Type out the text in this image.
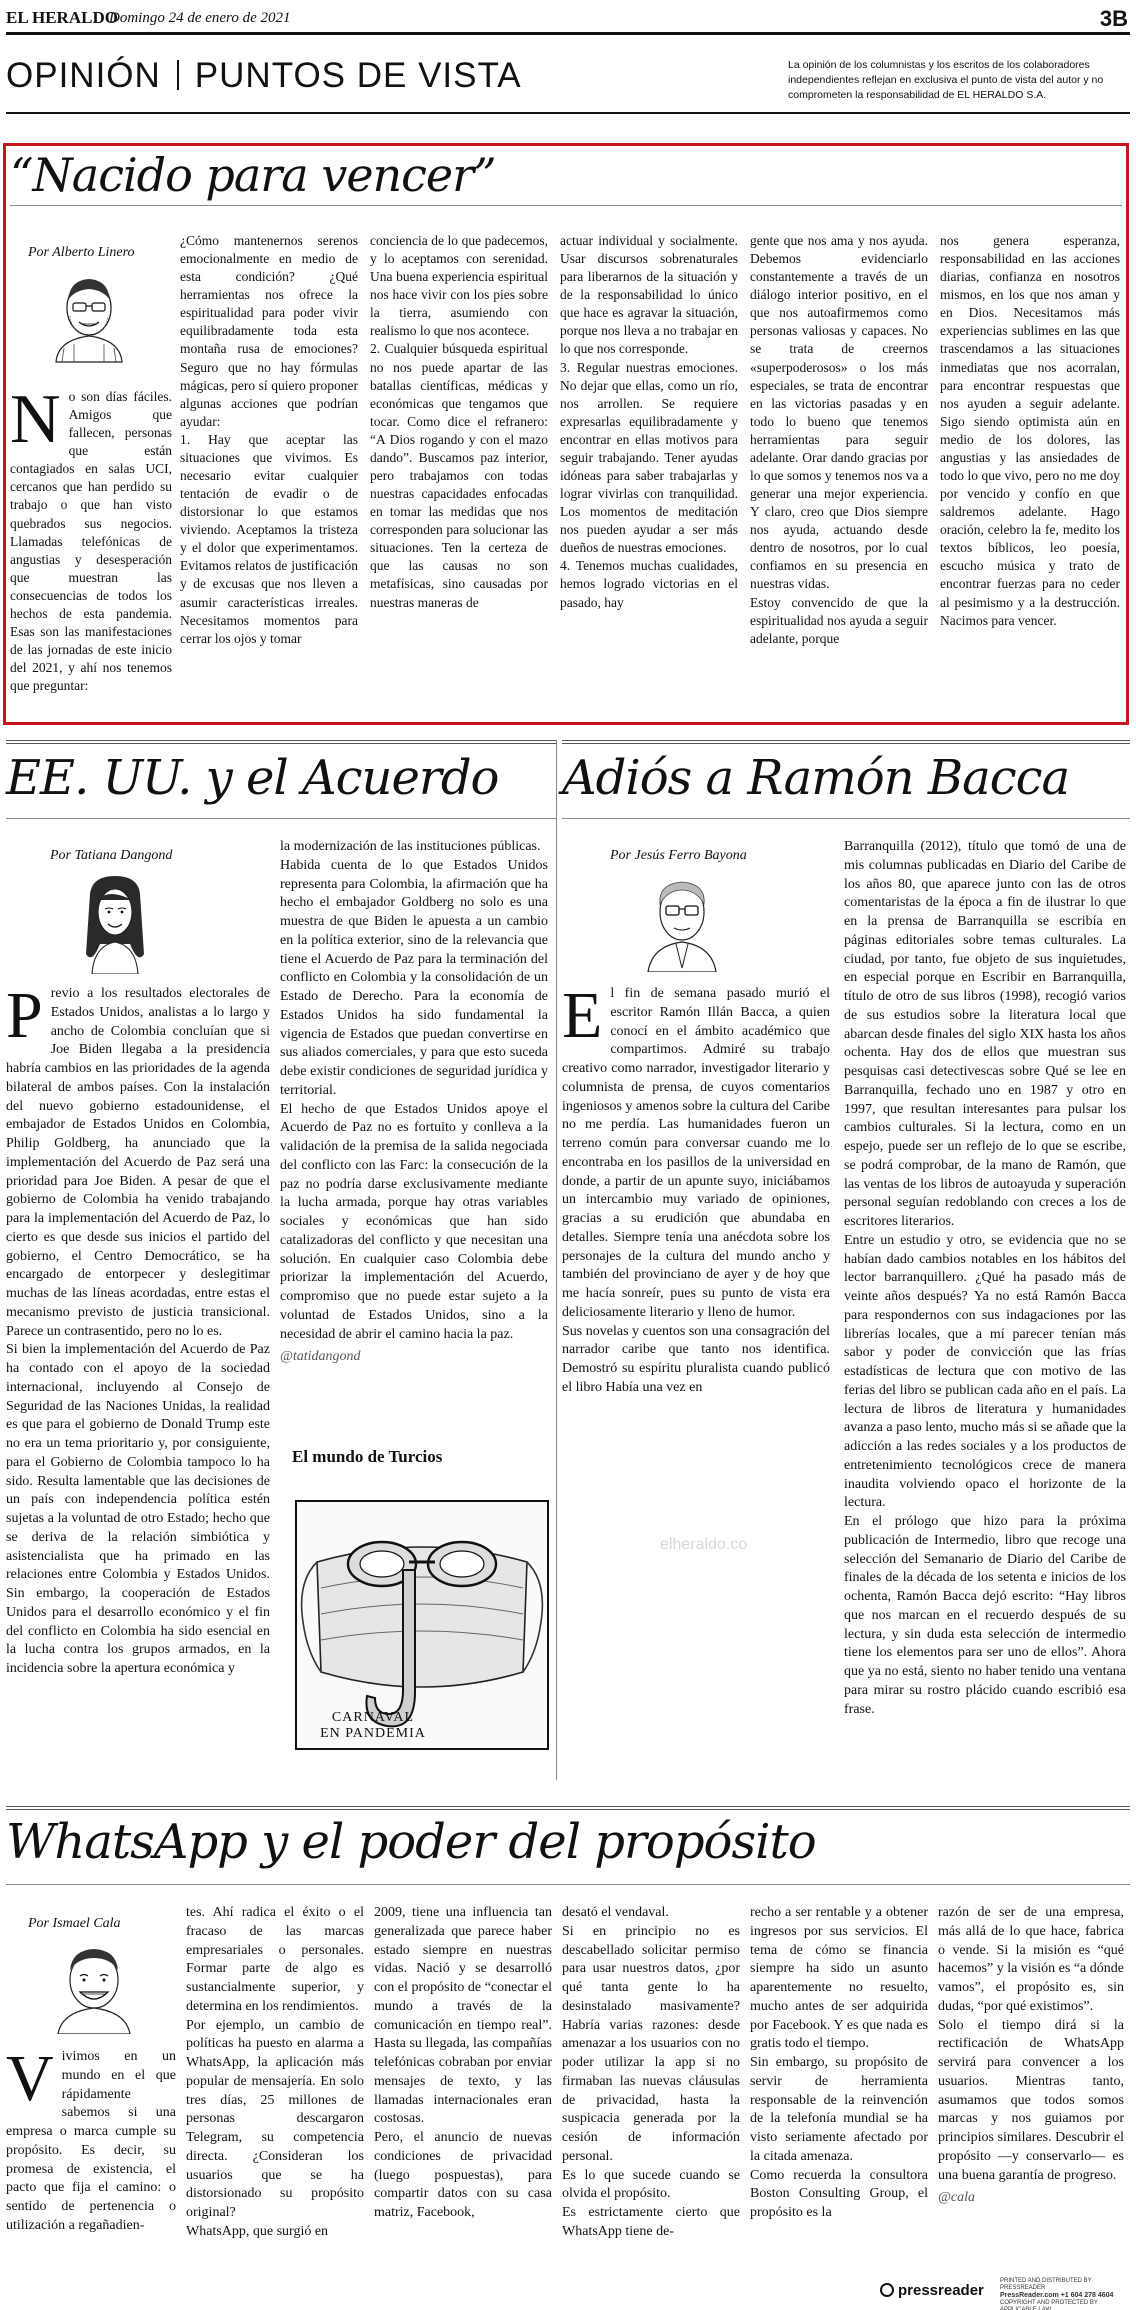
EL HERALDO
Domingo 24 de enero de 2021	3B
OPINIÓN PUNTOS DE VISTA	La opinión de los columnistas y los escritos de los colaboradores independientes reflejan en exclusiva el punto de vista del autor y no comprometen la responsabilidad de EL HERALDO S.A.
“Nacido para vencer”
Por Alberto Linero
N o son días fáciles. Amigos que fallecen, personas que están contagiados en salas UCI, cercanos que han perdido su trabajo o que han visto quebrados sus negocios. Llamadas telefónicas de angustias y desesperación que muestran las consecuencias de todos los hechos de esta pandemia. Esas son las manifestaciones de las jornadas de este inicio del 2021, y ahí nos tenemos que preguntar:
¿Cómo mantenernos serenos emocionalmente en medio de esta condición? ¿Qué herramientas nos ofrece la espiritualidad para poder vivir equilibradamente toda esta montaña rusa de emociones? Seguro que no hay fórmulas mágicas, pero sí quiero proponer algunas acciones que podrían ayudar:
1. Hay que aceptar las situaciones que vivimos. Es necesario evitar cualquier tentación de evadir o de distorsionar lo que estamos viviendo. Aceptamos la tristeza y el dolor que experimentamos. Evitamos relatos de justificación y de excusas que nos lleven a asumir características irreales. Necesitamos momentos para cerrar los ojos y tomar
conciencia de lo que padecemos, y lo aceptamos con serenidad. Una buena experiencia espiritual nos hace vivir con los pies sobre la tierra, asumiendo con realismo lo que nos acontece.
2. Cualquier búsqueda espiritual no nos puede apartar de las batallas científicas, médicas y económicas que tengamos que tocar. Como dice el refranero: “A Dios rogando y con el mazo dando”. Buscamos paz interior, pero trabajamos con todas nuestras capacidades enfocadas en tomar las medidas que nos corresponden para solucionar las situaciones. Ten la certeza de que las causas no son metafísicas, sino causadas por nuestras maneras de
actuar individual y socialmente. Usar discursos sobrenaturales para liberarnos de la situación y de la responsabilidad lo único que hace es agravar la situación, porque nos lleva a no trabajar en lo que nos corresponde.
3. Regular nuestras emociones. No dejar que ellas, como un río, nos arrollen. Se requiere expresarlas equilibradamente y encontrar en ellas motivos para seguir trabajando. Tener ayudas idóneas para saber trabajarlas y lograr vivirlas con tranquilidad. Los momentos de meditación nos pueden ayudar a ser más dueños de nuestras emociones.
4. Tenemos muchas cualidades, hemos logrado victorias en el pasado, hay
gente que nos ama y nos ayuda. Debemos evidenciarlo constantemente a través de un diálogo interior positivo, en el que nos autoafirmemos como personas valiosas y capaces. No se trata de creernos «superpoderosos» o los más especiales, se trata de encontrar en las victorias pasadas y en todo lo bueno que tenemos herramientas para seguir adelante. Orar dando gracias por lo que somos y tenemos nos va a generar una mejor experiencia. Y claro, creo que Dios siempre nos ayuda, actuando desde dentro de nosotros, por lo cual confiamos en su presencia en nuestras vidas.
Estoy convencido de que la espiritualidad nos ayuda a seguir adelante, porque
nos genera esperanza, responsabilidad en las acciones diarias, confianza en nosotros mismos, en los que nos aman y en Dios. Necesitamos más experiencias sublimes en las que trascendamos a las situaciones inmediatas que nos acorralan, para encontrar respuestas que nos ayuden a seguir adelante. Sigo siendo optimista aún en medio de los dolores, las angustias y las ansiedades de todo lo que vivo, pero no me doy por vencido y confío en que saldremos adelante. Hago oración, celebro la fe, medito los textos bíblicos, leo poesía, escucho música y trato de encontrar fuerzas para no ceder al pesimismo y a la destrucción. Nacimos para vencer.
EE. UU. y el Acuerdo
Por Tatiana Dangond
Previo a los resultados electorales de Estados Unidos, analistas a lo largo y ancho de Colombia concluían que si Joe Biden llegaba a la presidencia habría cambios en las prioridades de la agenda bilateral de ambos países. Con la instalación del nuevo gobierno estadounidense, el embajador de Estados Unidos en Colombia, Philip Goldberg, ha anunciado que la implementación del Acuerdo de Paz será una prioridad para Joe Biden. A pesar de que el gobierno de Colombia ha venido trabajando para la implementación del Acuerdo de Paz, lo cierto es que desde sus inicios el partido del gobierno, el Centro Democrático, se ha encargado de entorpecer y deslegitimar muchas de las líneas acordadas, entre estas el mecanismo previsto de justicia transicional. Parece un contrasentido, pero no lo es.
Si bien la implementación del Acuerdo de Paz ha contado con el apoyo de la sociedad internacional, incluyendo al Consejo de Seguridad de las Naciones Unidas, la realidad es que para el gobierno de Donald Trump este no era un tema prioritario y, por consiguiente, para el Gobierno de Colombia tampoco lo ha sido. Resulta lamentable que las decisiones de un país con independencia política estén sujetas a la voluntad de otro Estado; hecho que se deriva de la relación simbiótica y asistencialista que ha primado en las relaciones entre Colombia y Estados Unidos. Sin embargo, la cooperación de Estados Unidos para el desarrollo económico y el fin del conflicto en Colombia ha sido esencial en la lucha contra los grupos armados, en la incidencia sobre la apertura económica y
la modernización de las instituciones públicas.
Habida cuenta de lo que Estados Unidos representa para Colombia, la afirmación que ha hecho el embajador Goldberg no solo es una muestra de que Biden le apuesta a un cambio en la política exterior, sino de la relevancia que tiene el Acuerdo de Paz para la terminación del conflicto en Colombia y la consolidación de un Estado de Derecho. Para la economía de Estados Unidos ha sido fundamental la vigencia de Estados que puedan convertirse en sus aliados comerciales, y para que esto suceda debe existir condiciones de seguridad jurídica y territorial.
El hecho de que Estados Unidos apoye el Acuerdo de Paz no es fortuito y conlleva a la validación de la premisa de la salida negociada del conflicto con las Farc: la consecución de la paz no podría darse exclusivamente mediante la lucha armada, porque hay otras variables sociales y económicas que han sido catalizadoras del conflicto y que necesitan una solución. En cualquier caso Colombia debe priorizar la implementación del Acuerdo, compromiso que no puede estar sujeto a la voluntad de Estados Unidos, sino a la necesidad de abrir el camino hacia la paz.
@tatidangond
El mundo de Turcios
CARNAVAL
EN PANDEMIA
elheraldo.co
Adiós a Ramón Bacca
Por Jesús Ferro Bayona
El fin de semana pasado murió el escritor Ramón Illán Bacca, a quien conocí en el ámbito académico que compartimos. Admiré su trabajo creativo como narrador, investigador literario y columnista de prensa, de cuyos comentarios ingeniosos y amenos sobre la cultura del Caribe no me perdía. Las humanidades fueron un terreno común para conversar cuando me lo encontraba en los pasillos de la universidad en donde, a partir de un apunte suyo, iniciábamos un intercambio muy variado de opiniones, gracias a su erudición que abundaba en detalles. Siempre tenía una anécdota sobre los personajes de la cultura del mundo ancho y también del provinciano de ayer y de hoy que me hacía sonreír, pues su punto de vista era deliciosamente literario y lleno de humor.
Sus novelas y cuentos son una consagración del narrador caribe que tanto nos identifica. Demostró su espíritu pluralista cuando publicó el libro Había una vez en
Barranquilla (2012), título que tomó de una de mis columnas publicadas en Diario del Caribe de los años 80, que aparece junto con las de otros comentaristas de la época a fin de ilustrar lo que en la prensa de Barranquilla se escribía en páginas editoriales sobre temas culturales. La ciudad, por tanto, fue objeto de sus inquietudes, en especial porque en Escribir en Barranquilla, título de otro de sus libros (1998), recogió varios de sus estudios sobre la literatura local que abarcan desde finales del siglo XIX hasta los años ochenta. Hay dos de ellos que muestran sus pesquisas casi detectivescas sobre Qué se lee en Barranquilla, fechado uno en 1987 y otro en 1997, que resultan interesantes para pulsar los cambios culturales. Si la lectura, como en un espejo, puede ser un reflejo de lo que se escribe, se podrá comprobar, de la mano de Ramón, que las ventas de los libros de autoayuda y superación personal seguían redoblando con creces a los de escritores literarios.
Entre un estudio y otro, se evidencia que no se habían dado cambios notables en los hábitos del lector barranquillero. ¿Qué ha pasado más de veinte años después? Ya no está Ramón Bacca para respondernos con sus indagaciones por las librerías locales, que a mí parecer tenían más sabor y poder de convicción que las frías estadísticas de lectura que con motivo de las ferias del libro se publican cada año en el país. La lectura de libros de literatura y humanidades avanza a paso lento, mucho más si se añade que la adicción a las redes sociales y a los productos de entretenimiento tecnológicos crece de manera inaudita volviendo opaco el horizonte de la lectura.
En el prólogo que hizo para la próxima publicación de Intermedio, libro que recoge una selección del Semanario de Diario del Caribe de finales de la década de los setenta e inicios de los ochenta, Ramón Bacca dejó escrito: “Hay libros que nos marcan en el recuerdo después de su lectura, y sin duda esta selección de intermedio tiene los elementos para ser uno de ellos”. Ahora que ya no está, siento no haber tenido una ventana para mirar su rostro plácido cuando escribió esa frase.
WhatsApp y el poder del propósito
Por Ismael Cala
V ivimos en un mundo en el que rápidamente sabemos si una empresa o marca cumple su propósito. Es decir, su promesa de existencia, el pacto que fija el camino: o sentido de pertenencia o utilización a regañadien-
tes. Ahí radica el éxito o el fracaso de las marcas empresariales o personales. Formar parte de algo es sustancialmente superior, y determina en los rendimientos.
Por ejemplo, un cambio de políticas ha puesto en alarma a WhatsApp, la aplicación más popular de mensajería. En solo tres días, 25 millones de personas descargaron Telegram, su competencia directa. ¿Consideran los usuarios que se ha distorsionado su propósito original?
WhatsApp, que surgió en
2009, tiene una influencia tan generalizada que parece haber estado siempre en nuestras vidas. Nació y se desarrolló con el propósito de “conectar el mundo a través de la comunicación en tiempo real”. Hasta su llegada, las compañías telefónicas cobraban por enviar mensajes de texto, y las llamadas internacionales eran costosas.
Pero, el anuncio de nuevas condiciones de privacidad (luego pospuestas), para compartir datos con su casa matriz, Facebook,
desató el vendaval.
Si en principio no es descabellado solicitar permiso para usar nuestros datos, ¿por qué tanta gente lo ha desinstalado masivamente? Habría varias razones: desde amenazar a los usuarios con no poder utilizar la app si no firmaban las nuevas cláusulas de privacidad, hasta la suspicacia generada por la cesión de información personal.
Es lo que sucede cuando se olvida el propósito.
Es estrictamente cierto que WhatsApp tiene de-
recho a ser rentable y a obtener ingresos por sus servicios. El tema de cómo se financia siempre ha sido un asunto aparentemente no resuelto, mucho antes de ser adquirida por Facebook. Y es que nada es gratis todo el tiempo.
Sin embargo, su propósito de servir de herramienta responsable de la reinvención de la telefonía mundial se ha visto seriamente afectado por la citada amenaza.
Como recuerda la consultora Boston Consulting Group, el propósito es la
razón de ser de una empresa, más allá de lo que hace, fabrica o vende. Si la misión es “qué hacemos” y la visión es “a dónde vamos”, el propósito es, sin dudas, “por qué existimos”.
Solo el tiempo dirá si la rectificación de WhatsApp servirá para convencer a los usuarios. Mientras tanto, asumamos que todos somos marcas y nos guiamos por principios similares. Descubrir el propósito —y conservarlo— es una buena garantía de progreso.
@cala
pressreader
PRINTED AND DISTRIBUTED BY PRESSREADER
PressReader.com +1 604 278 4604
COPYRIGHT AND PROTECTED BY APPLICABLE LAW
